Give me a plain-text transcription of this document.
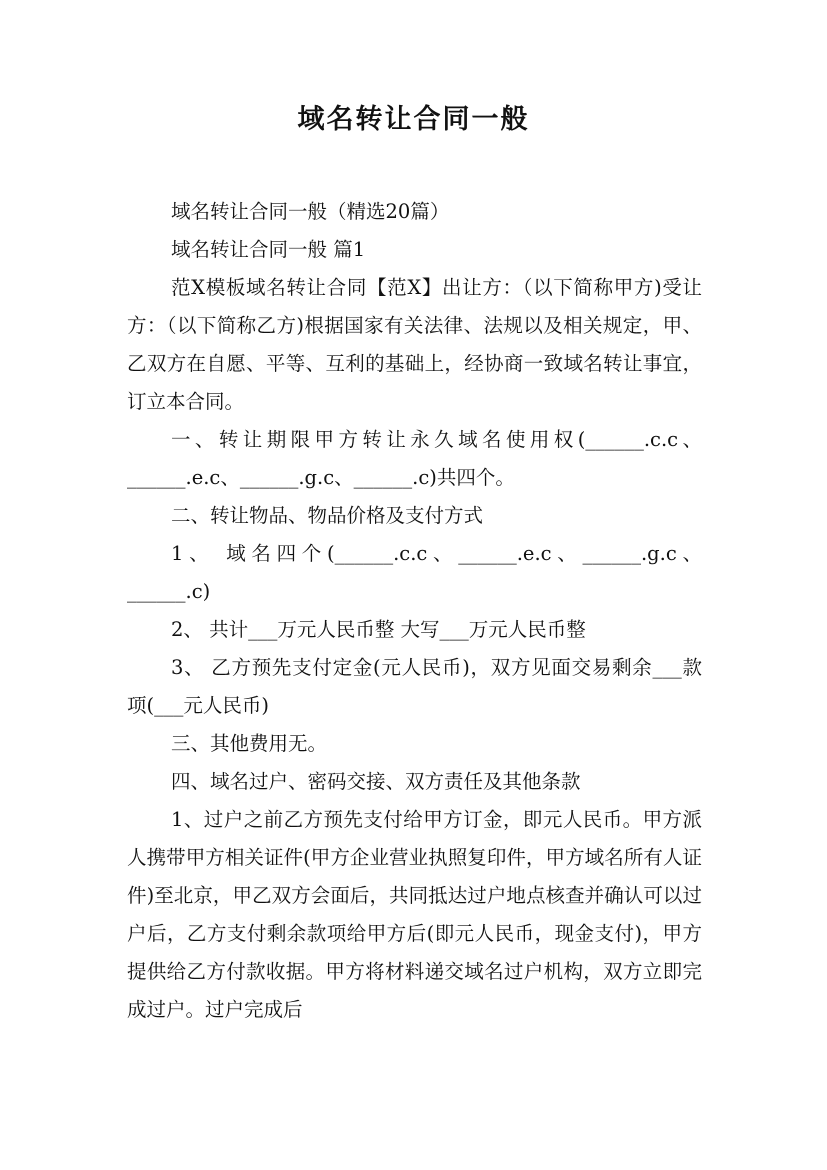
域名转让合同一般

域名转让合同一般（精选20篇）

域名转让合同一般 篇1

范X模板域名转让合同【范X】出让方：（以下简称甲方)受让方：（以下简称乙方)根据国家有关法律、法规以及相关规定，甲、乙双方在自愿、平等、互利的基础上，经协商一致域名转让事宜，订立本合同。

一、转让期限甲方转让永久域名使用权(______.c.c、______.e.c、______.g.c、______.c)共四个。

二、转让物品、物品价格及支付方式

1、 域名四个(______.c.c、______.e.c、______.g.c、______.c)

2、 共计___万元人民币整 大写___万元人民币整

3、 乙方预先支付定金(元人民币)，双方见面交易剩余___款项(___元人民币)

三、其他费用无。

四、域名过户、密码交接、双方责任及其他条款

1、过户之前乙方预先支付给甲方订金，即元人民币。甲方派人携带甲方相关证件(甲方企业营业执照复印件，甲方域名所有人证件)至北京，甲乙双方会面后，共同抵达过户地点核查并确认可以过户后，乙方支付剩余款项给甲方后(即元人民币，现金支付)，甲方提供给乙方付款收据。甲方将材料递交域名过户机构，双方立即完成过户。过户完成后
